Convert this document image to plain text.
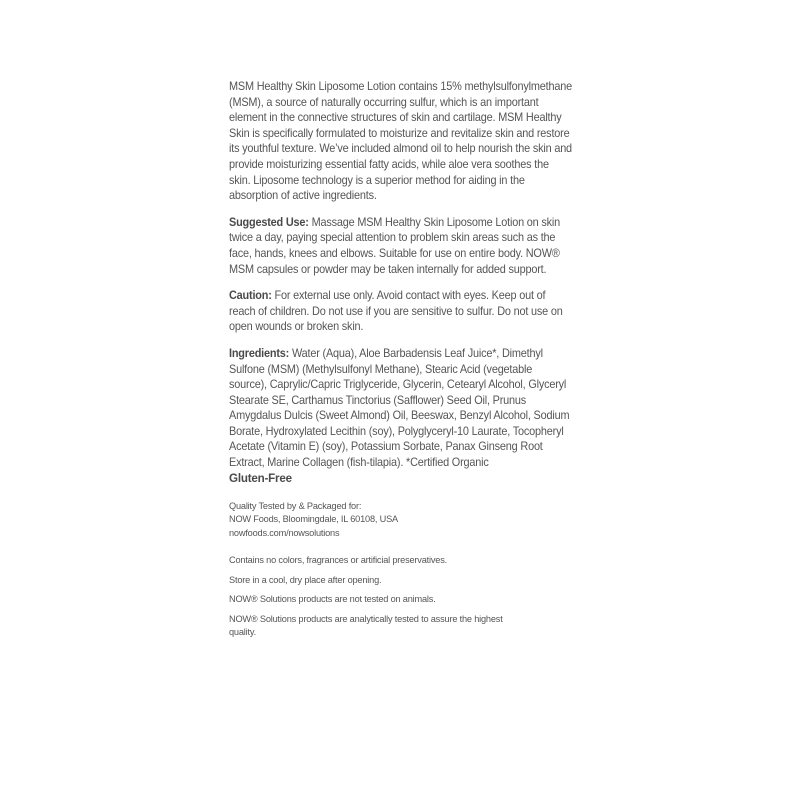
MSM Healthy Skin Liposome Lotion contains 15% methylsulfonylmethane (MSM), a source of naturally occurring sulfur, which is an important element in the connective structures of skin and cartilage. MSM Healthy Skin is specifically formulated to moisturize and revitalize skin and restore its youthful texture. We’ve included almond oil to help nourish the skin and provide moisturizing essential fatty acids, while aloe vera soothes the skin. Liposome technology is a superior method for aiding in the absorption of active ingredients.

Suggested Use: Massage MSM Healthy Skin Liposome Lotion on skin twice a day, paying special attention to problem skin areas such as the face, hands, knees and elbows. Suitable for use on entire body. NOW® MSM capsules or powder may be taken internally for added support.

Caution: For external use only. Avoid contact with eyes. Keep out of reach of children. Do not use if you are sensitive to sulfur. Do not use on open wounds or broken skin.

Ingredients: Water (Aqua), Aloe Barbadensis Leaf Juice*, Dimethyl Sulfone (MSM) (Methylsulfonyl Methane), Stearic Acid (vegetable source), Caprylic/Capric Triglyceride, Glycerin, Cetearyl Alcohol, Glyceryl Stearate SE, Carthamus Tinctorius (Safflower) Seed Oil, Prunus Amygdalus Dulcis (Sweet Almond) Oil, Beeswax, Benzyl Alcohol, Sodium Borate, Hydroxylated Lecithin (soy), Polyglyceryl-10 Laurate, Tocopheryl Acetate (Vitamin E) (soy), Potassium Sorbate, Panax Ginseng Root Extract, Marine Collagen (fish-tilapia). *Certified Organic

Gluten-Free

Quality Tested by & Packaged for:
NOW Foods, Bloomingdale, IL 60108, USA
nowfoods.com/nowsolutions

Contains no colors, fragrances or artificial preservatives.

Store in a cool, dry place after opening.

NOW® Solutions products are not tested on animals.

NOW® Solutions products are analytically tested to assure the highest quality.
